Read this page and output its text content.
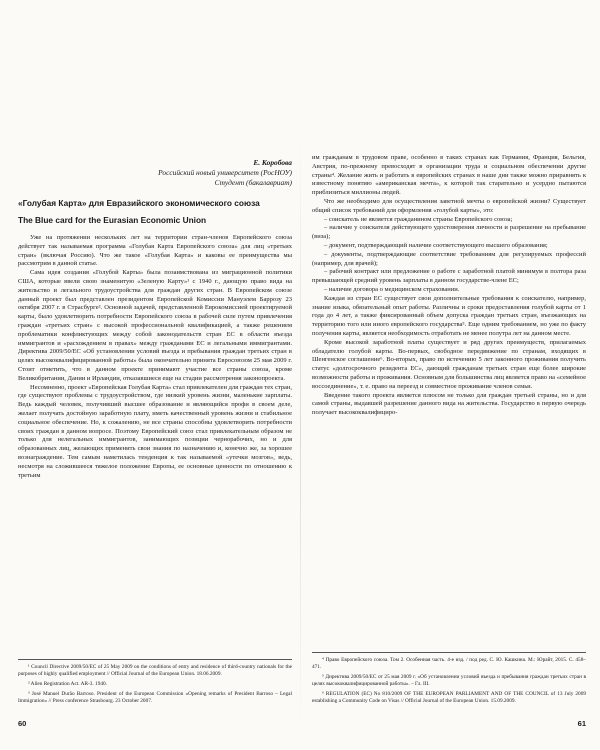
Е. Коробова
Российский новый университет (РосНОУ)
Студент (бакалавриат)
«Голубая Карта» для Евразийского экономического союза
The Blue card for the Eurasian Economic Union

Уже на протяжении нескольких лет на территории стран-членов Европейского союза действует так называемая программа «Голубая Карта Европейского союза» для лиц «третьих стран» (включая Россию). Что же такое «Голубая Карта» и каковы ее преимущества мы рассмотрим в данной статье.

Сама идея создания «Голубой Карты» была позаимствована из миграционной политики США, которые ввели свою знаменитую «Зеленую Карту»¹ с 1940 г., дающую право вида на жительство и легального трудоустройства для граждан других стран. В Европейском союзе данный проект был представлен президентом Европейской Комиссии Мануэлем Баррозу 23 октября 2007 г. в Страсбурге². Основной задачей, представленной Еврокомиссией проектируемой карты, было удовлетворить потребности Европейского союза в рабочей силе путем привлечения граждан «третьих стран» с высокой профессиональной квалификацией, а также решением проблематики конфликтующих между собой законодательств стран ЕС в области въезда иммигрантов и «расхождением в правах» между гражданами ЕС и легальными иммигрантами. Директива 2009/50/ЕС «Об установлении условий въезда и пребывания граждан третьих стран в целях высококвалифицированной работы» была окончательно принята Евросоюзом 25 мая 2009 г. Стоит отметить, что в данном проекте принимают участие все страны союза, кроме Великобритании, Дании и Ирландии, отказавшиеся еще на стадии рассмотрения законопроекта.

Несомненно, проект «Европейская Голубая Карта» стал привлекателен для граждан тех стран, где существуют проблемы с трудоустройством, где низкий уровень жизни, маленькие зарплаты. Ведь каждый человек, получивший высшее образование и являющийся профи в своем деле, желает получать достойную заработную плату, иметь качественный уровень жизни и стабильное социальное обеспечение. Но, к сожалению, не все страны способны удовлетворить потребности своих граждан в данном вопросе. Поэтому Европейский союз стал привлекательным образом не только для нелегальных иммигрантов, занимающих позиции чернорабочих, но и для образованных лиц, желающих применить свои знания по назначению и, конечно же, за хорошее вознаграждение. Тем самым наметилась тенденция к так называемой «утечки мозгов», ведь, несмотря на сложившееся тяжелое положение Европы, ее основные ценности по отношению к третьим

¹ Council Directive 2009/50/EC of 25 May 2009 on the conditions of entry and residence of third-country nationals for the purposes of highly qualified employment // Official Journal of the European Union. 18.06.2009.

² Alien Registration Act. AR-3. 1940.

³ José Manuel Durão Barroso. President of the European Commission «Opening remarks of President Barroso – Legal Immigration» // Press conference Strasbourg. 23 October 2007.

60

им гражданам в трудовом праве, особенно в таких странах как Германия, Франция, Бельгия, Австрия, по-прежнему превосходят в организации труда и социальном обеспечении другие страны⁴. Желание жить и работать в европейских странах в наше дни также можно приравнять к известному понятию «американская мечта», к которой так старательно и усердно пытаются приблизиться миллионы людей.

Что же необходимо для осуществления заветной мечты о европейской жизни? Существует общий список требований для оформления «голубой карты», это:

– соискатель не является гражданином страны Европейского союза;

– наличие у соискателя действующего удостоверения личности и разрешение на пребывание (виза);

– документ, подтверждающий наличие соответствующего высшего образования;

– документы, подтверждающие соответствие требованиям для регулируемых профессий (например, для врачей);

– рабочий контракт или предложение о работе с заработной платой минимум в полтора раза превышающей средний уровень зарплаты в данном государстве-члене ЕС;

– наличие договора о медицинском страховании.

Каждая из стран ЕС существует свои дополнительные требования к соискателю, например, знание языка, обязательный опыт работы. Различны и сроки предоставления голубой карты от 1 года до 4 лет, а также фиксированный объем допуска граждан третьих стран, въезжающих на территорию того или иного европейского государства⁵. Еще одним требованием, но уже по факту получения карты, является необходимость отработать не менее полутра лет на данном месте.

Кроме высокой заработной платы существует и ряд других преимуществ, прилагаемых обладателю голубой карты. Во-первых, свободное передвижение по странам, входящих в Шенгенское соглашение⁶. Во-вторых, право по истечению 5 лет законного проживания получить статус «долгосрочного резидента ЕС», дающий гражданам третьих стран еще более широкие возможности работы и проживания. Основным для большинства лиц является право на «семейное воссоединение», т. е. право на переезд и совместное проживание членов семьи.

Введение такого проекта является плюсом не только для граждан третьей страны, но и для самой страны, выдавшей разрешение данного вида на жительства. Государство в первую очередь получает высококвалифициро-

⁴ Право Европейского союза. Том 2. Особенная часть. 4-е изд. / под ред. С. Ю. Кашкина. М.: Юрайт, 2015. С. 458–471.

⁵ Директива 2009/50/ЕС от 25 мая 2009 г. «Об установлении условий въезда и пребывания граждан третьих стран в целях высококвалифицированной работы». – Гл. III.

⁶ REGULATION (EC) No 810/2009 OF THE EUROPEAN PARLIAMENT AND OF THE COUNCIL of 13 July 2009 establishing a Community Code on Visas // Official Journal of the European Union. 15.09.2009.

61
